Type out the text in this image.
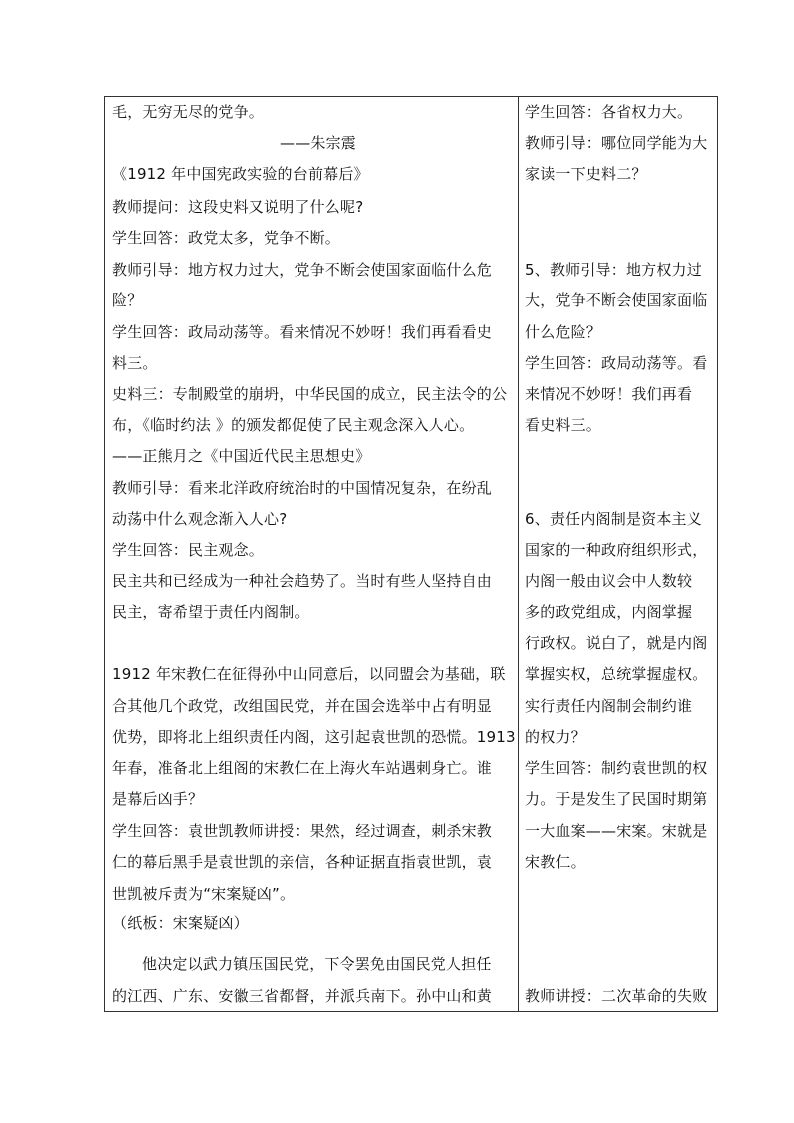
毛，无穷无尽的党争。
——朱宗震
《1912 年中国宪政实验的台前幕后》
教师提问：这段史料又说明了什么呢?
学生回答：政党太多，党争不断。
教师引导：地方权力过大，党争不断会使国家面临什么危
险？
学生回答：政局动荡等。看来情况不妙呀！我们再看看史
料三。
史料三：专制殿堂的崩坍，中华民国的成立，民主法令的公
布，《临时约法 》的颁发都促使了民主观念深入人心。
——正熊月之《中国近代民主思想史》
教师引导：看来北洋政府统治时的中国情况复杂，在纷乱
动荡中什么观念渐入人心?
学生回答：民主观念。
民主共和已经成为一种社会趋势了。当时有些人坚持自由
民主，寄希望于责任内阁制。
1912 年宋教仁在征得孙中山同意后，以同盟会为基础，联
合其他几个政党，改组国民党，并在国会选举中占有明显
优势，即将北上组织责任内阁，这引起袁世凯的恐慌。1913
年春，准备北上组阁的宋教仁在上海火车站遇刺身亡。谁
是幕后凶手？
学生回答：袁世凯教师讲授：果然，经过调查，刺杀宋教
仁的幕后黑手是袁世凯的亲信，各种证据直指袁世凯，袁
世凯被斥责为“宋案疑凶”。
（纸板：宋案疑凶）
他决定以武力镇压国民党，下令罢免由国民党人担任
的江西、广东、安徽三省都督，并派兵南下。孙中山和黄
学生回答：各省权力大。
教师引导：哪位同学能为大
家读一下史料二？
5、教师引导：地方权力过
大，党争不断会使国家面临
什么危险？
学生回答：政局动荡等。看
来情况不妙呀！我们再看
看史料三。
6、责任内阁制是资本主义
国家的一种政府组织形式，
内阁一般由议会中人数较
多的政党组成，内阁掌握
行政权。说白了，就是内阁
掌握实权，总统掌握虚权。
实行责任内阁制会制约谁
的权力？
学生回答：制约袁世凯的权
力。于是发生了民国时期第
一大血案——宋案。宋就是
宋教仁。
教师讲授：二次革命的失败
